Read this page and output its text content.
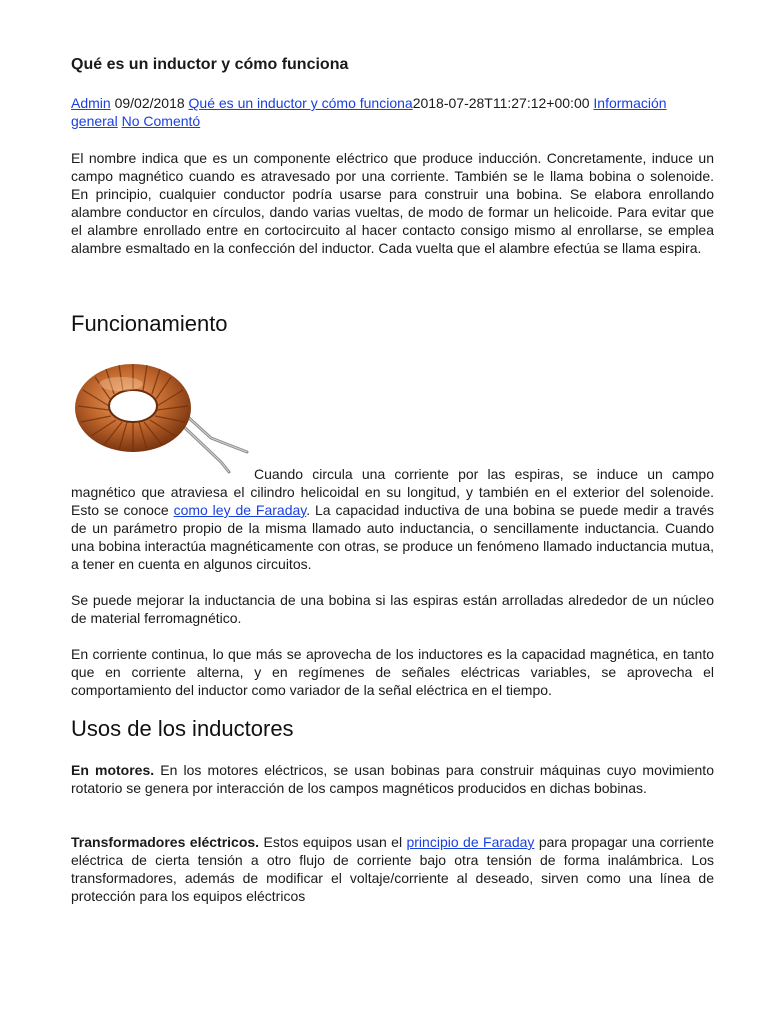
Qué es un inductor y cómo funciona

Admin 09/02/2018 Qué es un inductor y cómo funciona2018-07-28T11:27:12+00:00 Información general No Comentó

El nombre indica que es un componente eléctrico que produce inducción. Concretamente, induce un campo magnético cuando es atravesado por una corriente. También se le llama bobina o solenoide.

En principio, cualquier conductor podría usarse para construir una bobina. Se elabora enrollando alambre conductor en círculos, dando varias vueltas, de modo de formar un helicoide. Para evitar que el alambre enrollado entre en cortocircuito al hacer contacto consigo mismo al enrollarse, se emplea alambre esmaltado en la confección del inductor. Cada vuelta que el alambre efectúa se llama espira.

Funcionamiento

Cuando circula una corriente por las espiras, se induce un campo magnético que atraviesa el cilindro helicoidal en su longitud, y también en el exterior del solenoide. Esto se conoce como ley de Faraday. La capacidad inductiva de una bobina se puede medir a través de un parámetro propio de la misma llamado auto inductancia, o sencillamente inductancia. Cuando una bobina interactúa magnéticamente con otras, se produce un fenómeno llamado inductancia mutua, a tener en cuenta en algunos circuitos.

Se puede mejorar la inductancia de una bobina si las espiras están arrolladas alrededor de un núcleo de material ferromagnético.

En corriente continua, lo que más se aprovecha de los inductores es la capacidad magnética, en tanto que en corriente alterna, y en regímenes de señales eléctricas variables, se aprovecha el comportamiento del inductor como variador de la señal eléctrica en el tiempo.

Usos de los inductores

En motores. En los motores eléctricos, se usan bobinas para construir máquinas cuyo movimiento rotatorio se genera por interacción de los campos magnéticos producidos en dichas bobinas.

Transformadores eléctricos. Estos equipos usan el principio de Faraday para propagar una corriente eléctrica de cierta tensión a otro flujo de corriente bajo otra tensión de forma inalámbrica. Los transformadores, además de modificar el voltaje/corriente al deseado, sirven como una línea de protección para los equipos eléctricos
